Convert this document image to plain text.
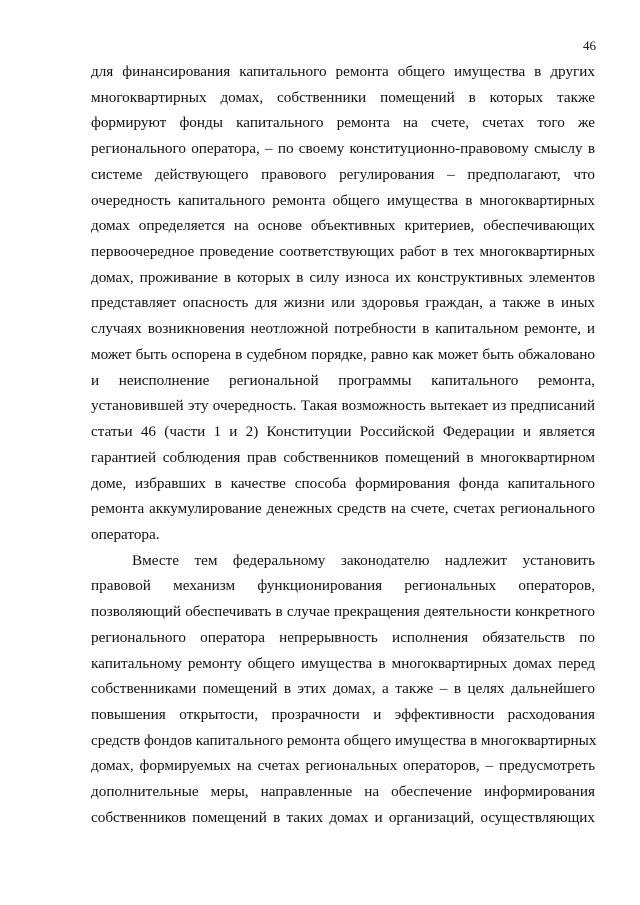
46
для финансирования капитального ремонта общего имущества в других
многоквартирных домах, собственники помещений в которых также
формируют фонды капитального ремонта на счете, счетах того же
регионального оператора, – по своему конституционно-правовому смыслу в
системе действующего правового регулирования – предполагают, что
очередность капитального ремонта общего имущества в многоквартирных
домах определяется на основе объективных критериев, обеспечивающих
первоочередное проведение соответствующих работ в тех многоквартирных
домах, проживание в которых в силу износа их конструктивных элементов
представляет опасность для жизни или здоровья граждан, а также в иных
случаях возникновения неотложной потребности в капитальном ремонте, и
может быть оспорена в судебном порядке, равно как может быть обжаловано
и неисполнение региональной программы капитального ремонта,
установившей эту очередность. Такая возможность вытекает из предписаний
статьи 46 (части 1 и 2) Конституции Российской Федерации и является
гарантией соблюдения прав собственников помещений в многоквартирном
доме, избравших в качестве способа формирования фонда капитального
ремонта аккумулирование денежных средств на счете, счетах регионального
оператора.
Вместе тем федеральному законодателю надлежит установить
правовой механизм функционирования региональных операторов,
позволяющий обеспечивать в случае прекращения деятельности конкретного
регионального оператора непрерывность исполнения обязательств по
капитальному ремонту общего имущества в многоквартирных домах перед
собственниками помещений в этих домах, а также – в целях дальнейшего
повышения открытости, прозрачности и эффективности расходования
средств фондов капитального ремонта общего имущества в многоквартирных
домах, формируемых на счетах региональных операторов, – предусмотреть
дополнительные меры, направленные на обеспечение информирования
собственников помещений в таких домах и организаций, осуществляющих
